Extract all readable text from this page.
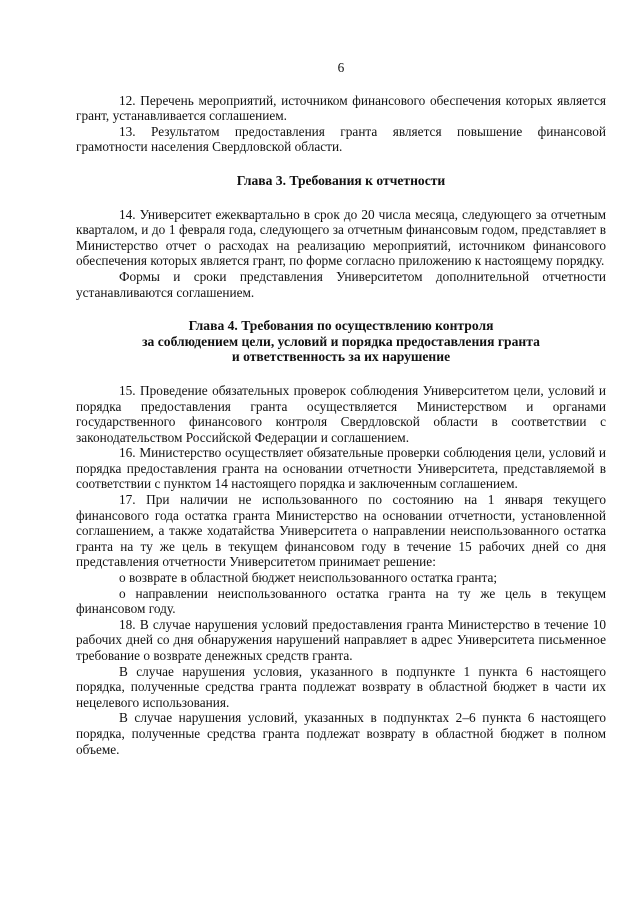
6

12. Перечень мероприятий, источником финансового обеспечения которых является грант, устанавливается соглашением.

13. Результатом предоставления гранта является повышение финансовой грамотности населения Свердловской области.

Глава 3. Требования к отчетности

14. Университет ежеквартально в срок до 20 числа месяца, следующего за отчетным кварталом, и до 1 февраля года, следующего за отчетным финансовым годом, представляет в Министерство отчет о расходах на реализацию мероприятий, источником финансового обеспечения которых является грант, по форме согласно приложению к настоящему порядку.

Формы и сроки представления Университетом дополнительной отчетности устанавливаются соглашением.

Глава 4. Требования по осуществлению контроля
за соблюдением цели, условий и порядка предоставления гранта
и ответственность за их нарушение

15. Проведение обязательных проверок соблюдения Университетом цели, условий и порядка предоставления гранта осуществляется Министерством и органами государственного финансового контроля Свердловской области в соответствии с законодательством Российской Федерации и соглашением.

16. Министерство осуществляет обязательные проверки соблюдения цели, условий и порядка предоставления гранта на основании отчетности Университета, представляемой в соответствии с пунктом 14 настоящего порядка и заключенным соглашением.

17. При наличии не использованного по состоянию на 1 января текущего финансового года остатка гранта Министерство на основании отчетности, установленной соглашением, а также ходатайства Университета о направлении неиспользованного остатка гранта на ту же цель в текущем финансовом году в течение 15 рабочих дней со дня представления отчетности Университетом принимает решение:

о возврате в областной бюджет неиспользованного остатка гранта;

о направлении неиспользованного остатка гранта на ту же цель в текущем финансовом году.

18. В случае нарушения условий предоставления гранта Министерство в течение 10 рабочих дней со дня обнаружения нарушений направляет в адрес Университета письменное требование о возврате денежных средств гранта.

В случае нарушения условия, указанного в подпункте 1 пункта 6 настоящего порядка, полученные средства гранта подлежат возврату в областной бюджет в части их нецелевого использования.

В случае нарушения условий, указанных в подпунктах 2–6 пункта 6 настоящего порядка, полученные средства гранта подлежат возврату в областной бюджет в полном объеме.
